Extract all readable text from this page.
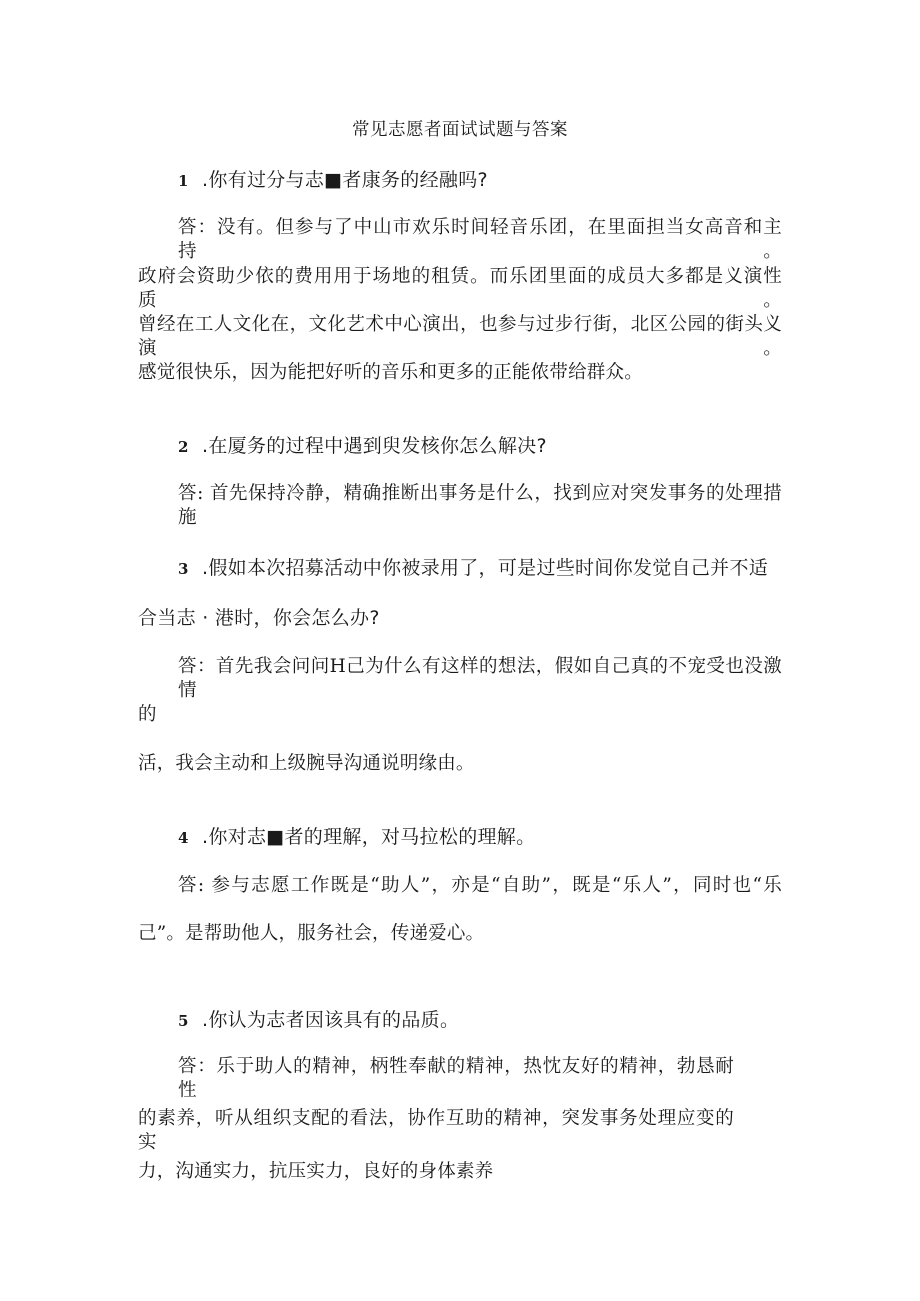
常见志愿者面试试题与答案
1 .你有过分与志■者康务的经融吗?
答：没有。但参与了中山市欢乐时间轻音乐团，在里面担当女高音和主持。
政府会资助少依的费用用于场地的租赁。而乐团里面的成员大多都是义演性质。
曾经在工人文化在，文化艺术中心演出，也参与过步行街，北区公园的街头义演。
感觉很快乐，因为能把好听的音乐和更多的正能侬带给群众。
2 .在厦务的过程中遇到臾发核你怎么解决?
答: 首先保持冷静，精确推断出事务是什么，找到应对突发事务的处理措施
3 .假如本次招募活动中你被录用了，可是过些时间你发觉自己并不适
合当志 · 港时，你会怎么办?
答：首先我会问问H己为什么有这样的想法，假如自己真的不宠受也没激情
的
活，我会主动和上级腕导沟通说明缘由。
4 .你对志■者的理解，对马拉松的理解。
答: 参与志愿工作既是“助人”，亦是“自助”，既是“乐人”，同时也“乐
己”。是帮助他人，服务社会，传递爱心。
5 .你认为志者因该具有的品质。
答：乐于助人的精神，柄牲奉献的精神，热忱友好的精神，勃恳耐性
的素养，听从组织支配的看法，协作互助的精神，突发事务处理应变的实
力，沟通实力，抗压实力，良好的身体素养
